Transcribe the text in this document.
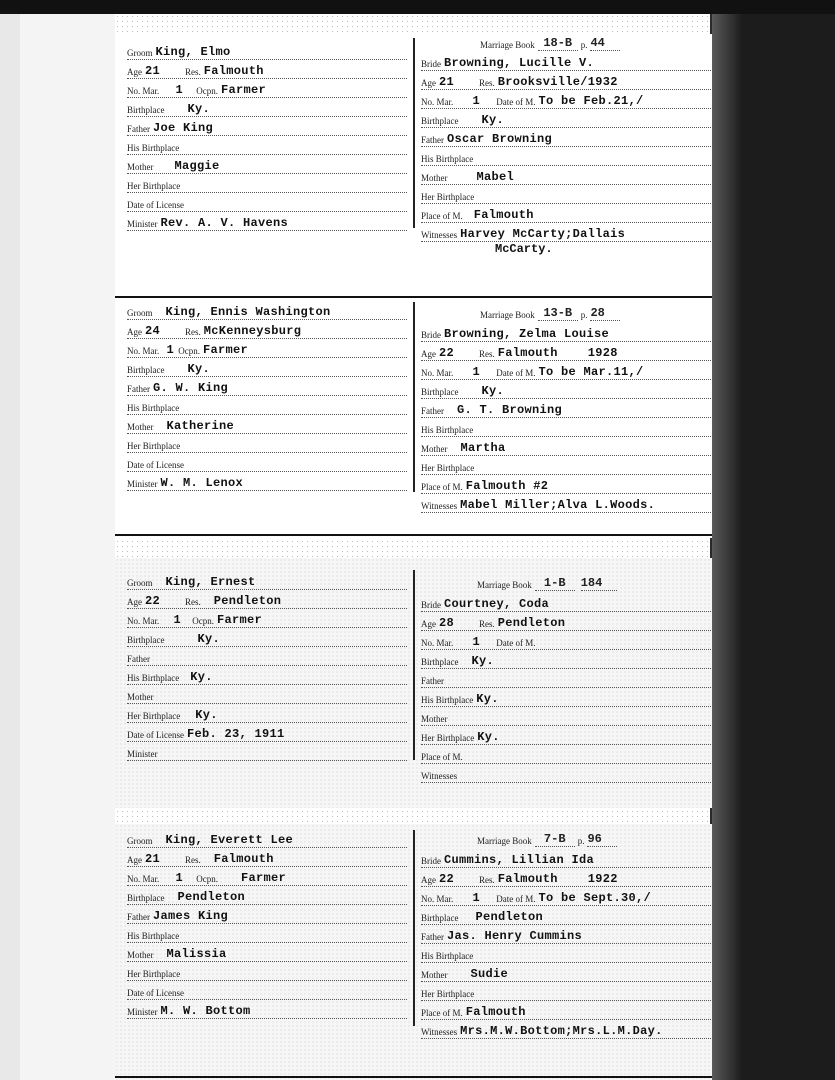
Groom King, Elmo
Age 21	Res. Falmouth
No. Mar.	1	Ocpn. Farmer
Birthplace	Ky.
Father Joe King
His Birthplace
Mother	Maggie
Her Birthplace
Date of License
Minister Rev. A. V. Havens
Marriage Book 18-B p. 44
Bride Browning, Lucille V.
Age 21	Res. Brooksville/1932
No. Mar.	1	Date of M. To be Feb.21,/
Birthplace	Ky.
Father Oscar Browning
His Birthplace
Mother	Mabel
Her Birthplace
Place of M. Falmouth
Witnesses Harvey McCarty;Dallais
McCarty.
Groom	King, Ennis Washington
Age 24	Res. McKenneysburg
No. Mar. 1 Ocpn. Farmer
Birthplace	Ky.
Father G. W. King
His Birthplace
Mother	Katherine
Her Birthplace
Date of License
Minister W. M. Lenox
Marriage Book 13-B p. 28
Bride Browning, Zelma Louise
Age 22	Res. Falmouth    1928
No. Mar.	1	Date of M. To be Mar.11,/
Birthplace	Ky.
Father	G. T. Browning
His Birthplace
Mother	Martha
Her Birthplace
Place of M. Falmouth #2
Witnesses Mabel Miller;Alva L.Woods.
Groom	King, Ernest
Age 22	Res.	Pendleton
No. Mar.	1	Ocpn. Farmer
Birthplace	Ky.
Father
His Birthplace Ky.
Mother
Her Birthplace	Ky.
Date of License Feb. 23, 1911
Minister
Marriage Book	1-B	184
Bride Courtney, Coda
Age 28	Res. Pendleton
No. Mar.	1	Date of M.
Birthplace	Ky.
Father
His Birthplace Ky.
Mother
Her Birthplace Ky.
Place of M.
Witnesses
Groom	King, Everett Lee
Age 21	Res.	Falmouth
No. Mar.	1	Ocpn.	Farmer
Birthplace	Pendleton
Father James King
His Birthplace
Mother	Malissia
Her Birthplace
Date of License
Minister M. W. Bottom
Marriage Book	7-B	p. 96
Bride Cummins, Lillian Ida
Age 22	Res. Falmouth    1922
No. Mar.	1	Date of M. To be Sept.30,/
Birthplace	Pendleton
Father Jas. Henry Cummins
His Birthplace
Mother	Sudie
Her Birthplace
Place of M. Falmouth
Witnesses Mrs.M.W.Bottom;Mrs.L.M.Day.
